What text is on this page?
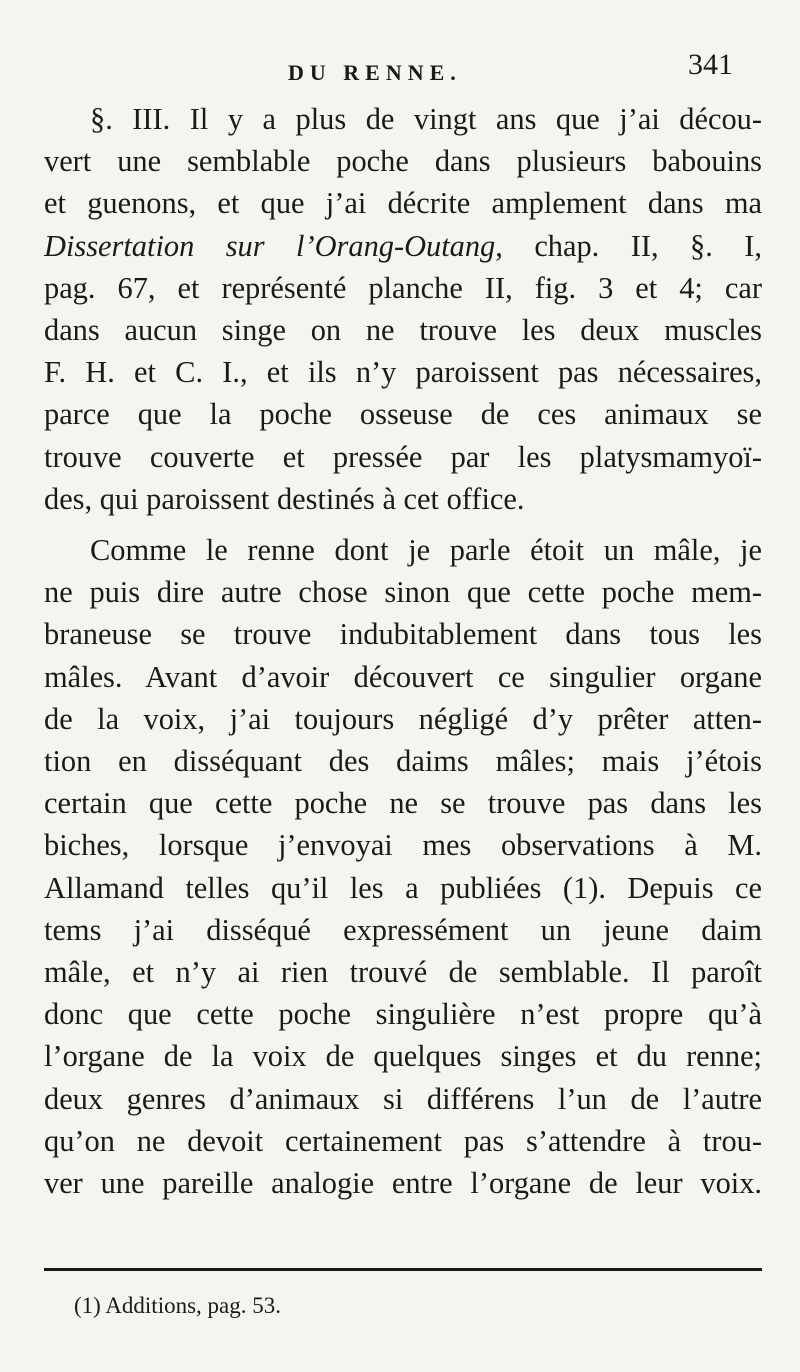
DU RENNE.	341

§. III. Il y a plus de vingt ans que j’ai décou-

vert une semblable poche dans plusieurs babouins

et guenons, et que j’ai décrite amplement dans ma

Dissertation sur l’Orang-Outang, chap. II, §. I,

pag. 67, et représenté planche II, fig. 3 et 4; car

dans aucun singe on ne trouve les deux muscles

F. H. et C. I., et ils n’y paroissent pas nécessaires,

parce que la poche osseuse de ces animaux se

trouve couverte et pressée par les platysmamyoï-

des, qui paroissent destinés à cet office.

Comme le renne dont je parle étoit un mâle, je

ne puis dire autre chose sinon que cette poche mem-

braneuse se trouve indubitablement dans tous les

mâles. Avant d’avoir découvert ce singulier organe

de la voix, j’ai toujours négligé d’y prêter atten-

tion en disséquant des daims mâles; mais j’étois

certain que cette poche ne se trouve pas dans les

biches, lorsque j’envoyai mes observations à M.

Allamand telles qu’il les a publiées (1). Depuis ce

tems j’ai disséqué expressément un jeune daim

mâle, et n’y ai rien trouvé de semblable. Il paroît

donc que cette poche singulière n’est propre qu’à

l’organe de la voix de quelques singes et du renne;

deux genres d’animaux si différens l’un de l’autre

qu’on ne devoit certainement pas s’attendre à trou-

ver une pareille analogie entre l’organe de leur voix.

(1) Additions, pag. 53.
